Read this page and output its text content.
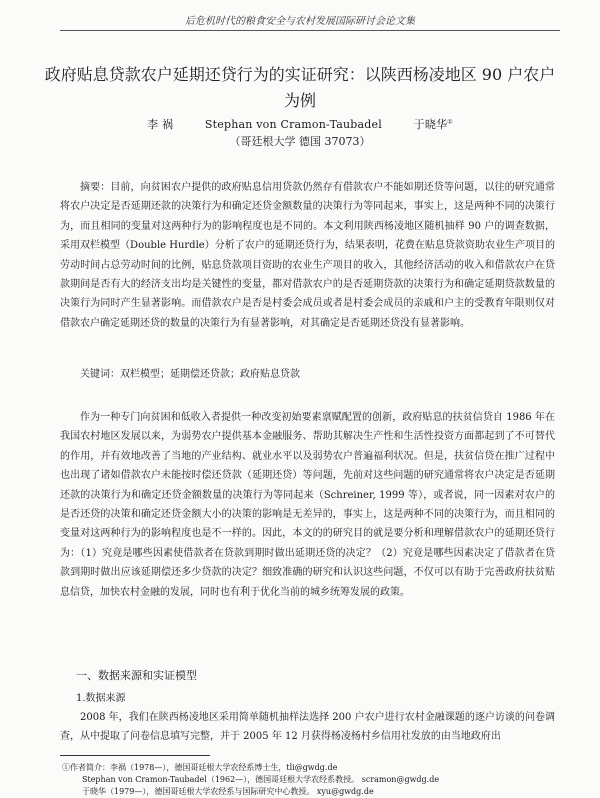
后危机时代的粮食安全与农村发展国际研讨会论文集
政府贴息贷款农户延期还贷行为的实证研究：以陕西杨凌地区 90 户农户为例
李 祸	Stephan von Cramon-Taubadel	于晓华①
（哥廷根大学 德国 37073）
摘要：目前，向贫困农户提供的政府贴息信用贷款仍然存有借款农户不能如期还贷等问题，以往的研究通常将农户决定是否延期还款的决策行为和确定还贷金额数量的决策行为等同起来，事实上，这是两种不同的决策行为，而且相同的变量对这两种行为的影响程度也是不同的。本文利用陕西杨凌地区随机抽样 90 户的调查数据，采用双栏模型（Double Hurdle）分析了农户的延期还贷行为，结果表明，花费在贴息贷款资助农业生产项目的劳动时间占总劳动时间的比例，贴息贷款项目资助的农业生产项目的收入，其他经济活动的收入和借款农户在贷款期间是否有大的经济支出均是关键性的变量，都对借款农户的是否延期贷款的决策行为和确定延期贷款数量的决策行为同时产生显著影响。而借款农户是否是村委会成员或者是村委会成员的亲戚和户主的受教育年限则仅对借款农户确定延期还贷的数量的决策行为有显著影响，对其确定是否延期还贷没有显著影响。
关键词：双栏模型；延期偿还贷款；政府贴息贷款
作为一种专门向贫困和低收入者提供一种改变初始要素禀赋配置的创新，政府贴息的扶贫信贷自 1986 年在我国农村地区发展以来，为弱势农户提供基本金融服务、帮助其解决生产性和生活性投资方面都起到了不可替代的作用，并有效地改善了当地的产业结构、就业水平以及弱势农户普遍福利状况。但是，扶贫信贷在推广过程中也出现了诸如借款农户未能按时偿还贷款（延期还贷）等问题，先前对这些问题的研究通常将农户决定是否延期还款的决策行为和确定还贷金额数量的决策行为等同起来（Schreiner, 1999 等），或者说，同一因素对农户的是否还贷的决策和确定还贷金额大小的决策的影响是无差异的，事实上，这是两种不同的决策行为，而且相同的变量对这两种行为的影响程度也是不一样的。因此，本文的的研究目的就是要分析和理解借款农户的延期还贷行为：（1）究竟是哪些因素使借款者在贷款到期时做出延期还贷的决定？（2）究竟是哪些因素决定了借款者在贷款到期时做出应该延期偿还多少贷款的决定？细致准确的研究和认识这些问题，不仅可以有助于完善政府扶贫贴息信贷，加快农村金融的发展，同时也有利于优化当前的城乡统筹发展的政策。
一、数据来源和实证模型
1.数据来源
2008 年，我们在陕西杨凌地区采用简单随机抽样法选择 200 户农户进行农村金融课题的逐户访谈的问卷调查，从中提取了问卷信息填写完整，并于 2005 年 12 月获得杨凌杨村乡信用社发放的由当地政府出
①作者简介：李祸（1978—），德国哥廷根大学农经系博士生，tli@gwdg.de
Stephan von Cramon-Taubadel（1962—），德国哥廷根大学农经系教授。 scramon@gwdg.de
于晓华（1979—），德国哥廷根大学农经系与国际研究中心教授。 xyu@gwdg.de
